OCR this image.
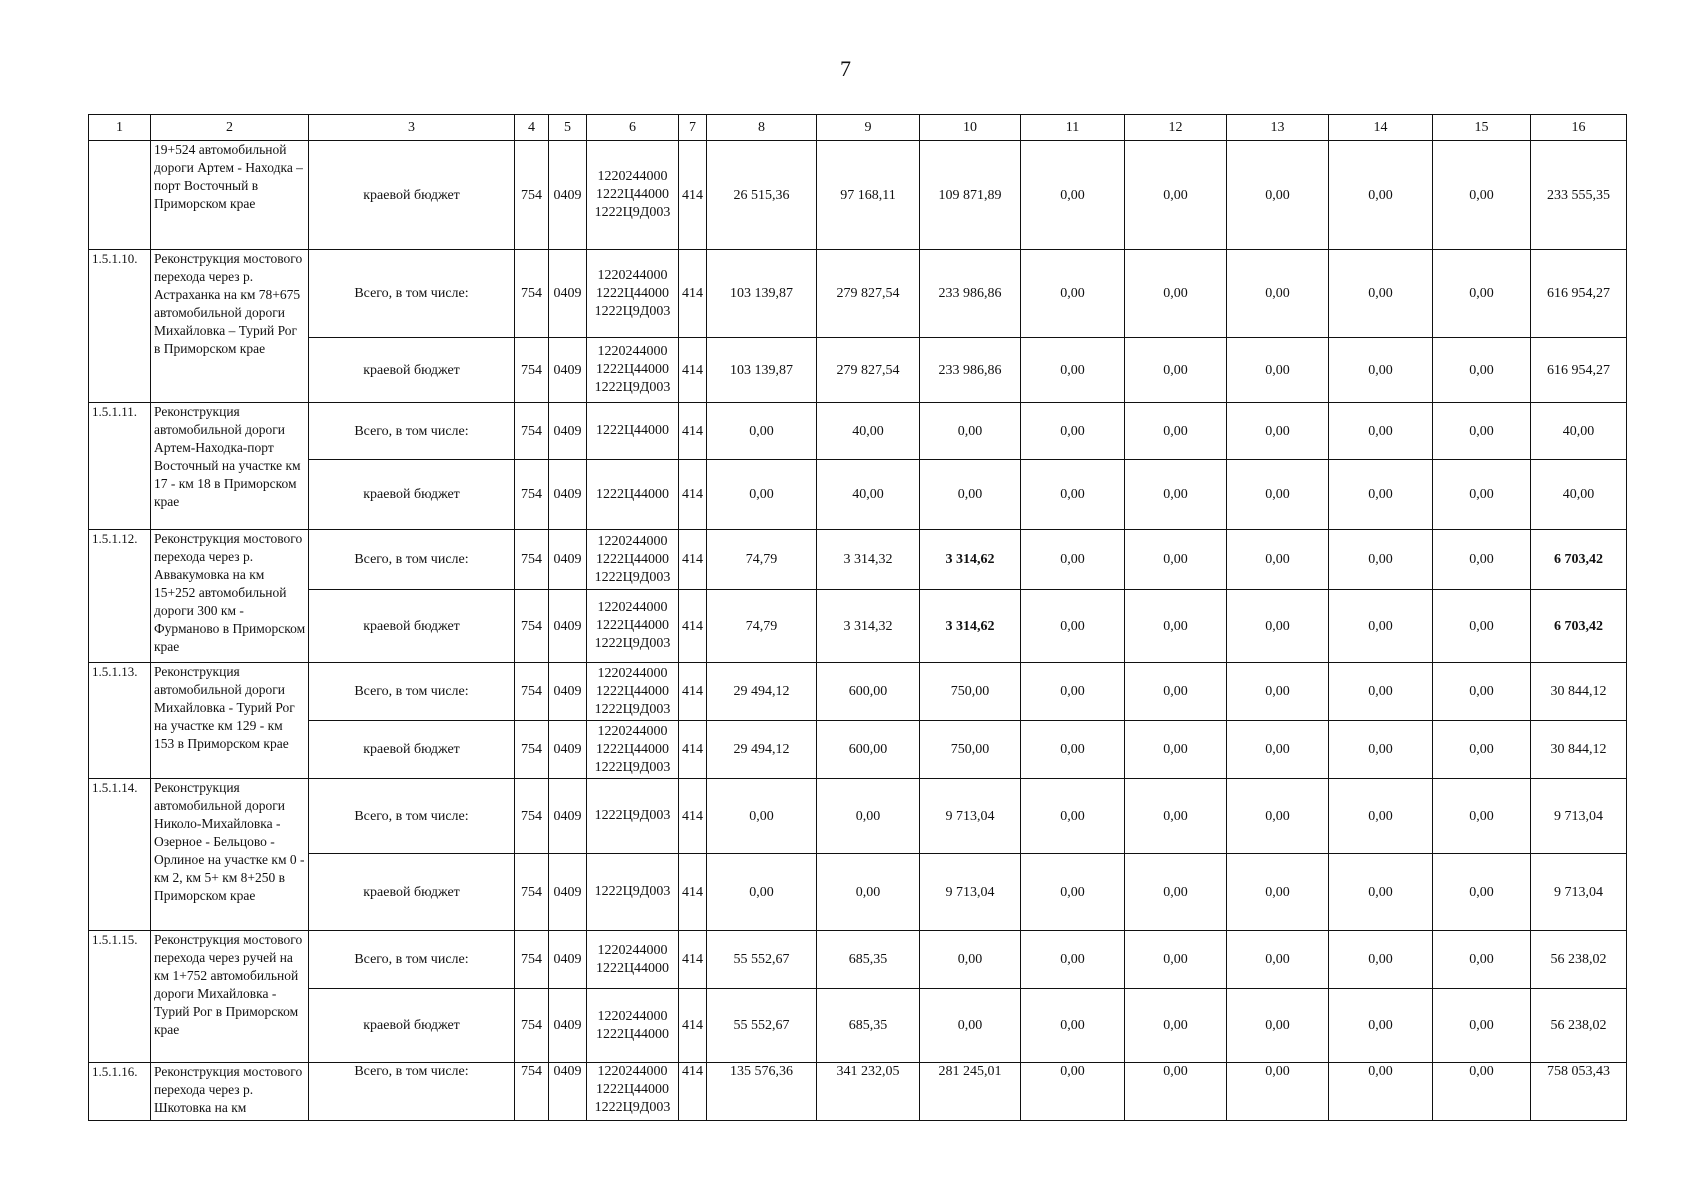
7
1	2	3	4	5	6	7	8	9	10	11	12	13	14	15	16
	19+524 автомобильной дороги Артем - Находка – порт Восточный в Приморском крае	краевой бюджет	754	0409	1220244000
1222Ц44000
1222Ц9Д003	414	26 515,36	97 168,11	109 871,89	0,00	0,00	0,00	0,00	0,00	233 555,35
1.5.1.10.	Реконструкция мостового перехода через р. Астраханка на км 78+675 автомобильной дороги Михайловка – Турий Рог в Приморском крае	Всего, в том числе:	754	0409	1220244000
1222Ц44000
1222Ц9Д003	414	103 139,87	279 827,54	233 986,86	0,00	0,00	0,00	0,00	0,00	616 954,27
		краевой бюджет	754	0409	1220244000
1222Ц44000
1222Ц9Д003	414	103 139,87	279 827,54	233 986,86	0,00	0,00	0,00	0,00	0,00	616 954,27
1.5.1.11.	Реконструкция автомобильной дороги Артем-Находка-порт Восточный на участке км 17 - км 18 в Приморском крае	Всего, в том числе:	754	0409	1222Ц44000	414	0,00	40,00	0,00	0,00	0,00	0,00	0,00	0,00	40,00
		краевой бюджет	754	0409	1222Ц44000	414	0,00	40,00	0,00	0,00	0,00	0,00	0,00	0,00	40,00
1.5.1.12.	Реконструкция мостового перехода через р. Аввакумовка на км 15+252 автомобильной дороги 300 км - Фурманово в Приморском крае	Всего, в том числе:	754	0409	1220244000
1222Ц44000
1222Ц9Д003	414	74,79	3 314,32	3 314,62	0,00	0,00	0,00	0,00	0,00	6 703,42
		краевой бюджет	754	0409	1220244000
1222Ц44000
1222Ц9Д003	414	74,79	3 314,32	3 314,62	0,00	0,00	0,00	0,00	0,00	6 703,42
1.5.1.13.	Реконструкция автомобильной дороги Михайловка - Турий Рог на участке км 129 - км 153 в Приморском крае	Всего, в том числе:	754	0409	1220244000
1222Ц44000
1222Ц9Д003	414	29 494,12	600,00	750,00	0,00	0,00	0,00	0,00	0,00	30 844,12
		краевой бюджет	754	0409	1220244000
1222Ц44000
1222Ц9Д003	414	29 494,12	600,00	750,00	0,00	0,00	0,00	0,00	0,00	30 844,12
1.5.1.14.	Реконструкция автомобильной дороги Николо-Михайловка - Озерное - Бельцово - Орлиное на участке км 0 - км 2, км 5+ км 8+250 в Приморском крае	Всего, в том числе:	754	0409	1222Ц9Д003	414	0,00	0,00	9 713,04	0,00	0,00	0,00	0,00	0,00	9 713,04
		краевой бюджет	754	0409	1222Ц9Д003	414	0,00	0,00	9 713,04	0,00	0,00	0,00	0,00	0,00	9 713,04
1.5.1.15.	Реконструкция мостового перехода через ручей на км 1+752 автомобильной дороги Михайловка - Турий Рог в Приморском крае	Всего, в том числе:	754	0409	1220244000
1222Ц44000	414	55 552,67	685,35	0,00	0,00	0,00	0,00	0,00	0,00	56 238,02
		краевой бюджет	754	0409	1220244000
1222Ц44000	414	55 552,67	685,35	0,00	0,00	0,00	0,00	0,00	0,00	56 238,02
1.5.1.16.	Реконструкция мостового перехода через р. Шкотовка на км	Всего, в том числе:	754	0409	1220244000
1222Ц44000
1222Ц9Д003	414	135 576,36	341 232,05	281 245,01	0,00	0,00	0,00	0,00	0,00	758 053,43
